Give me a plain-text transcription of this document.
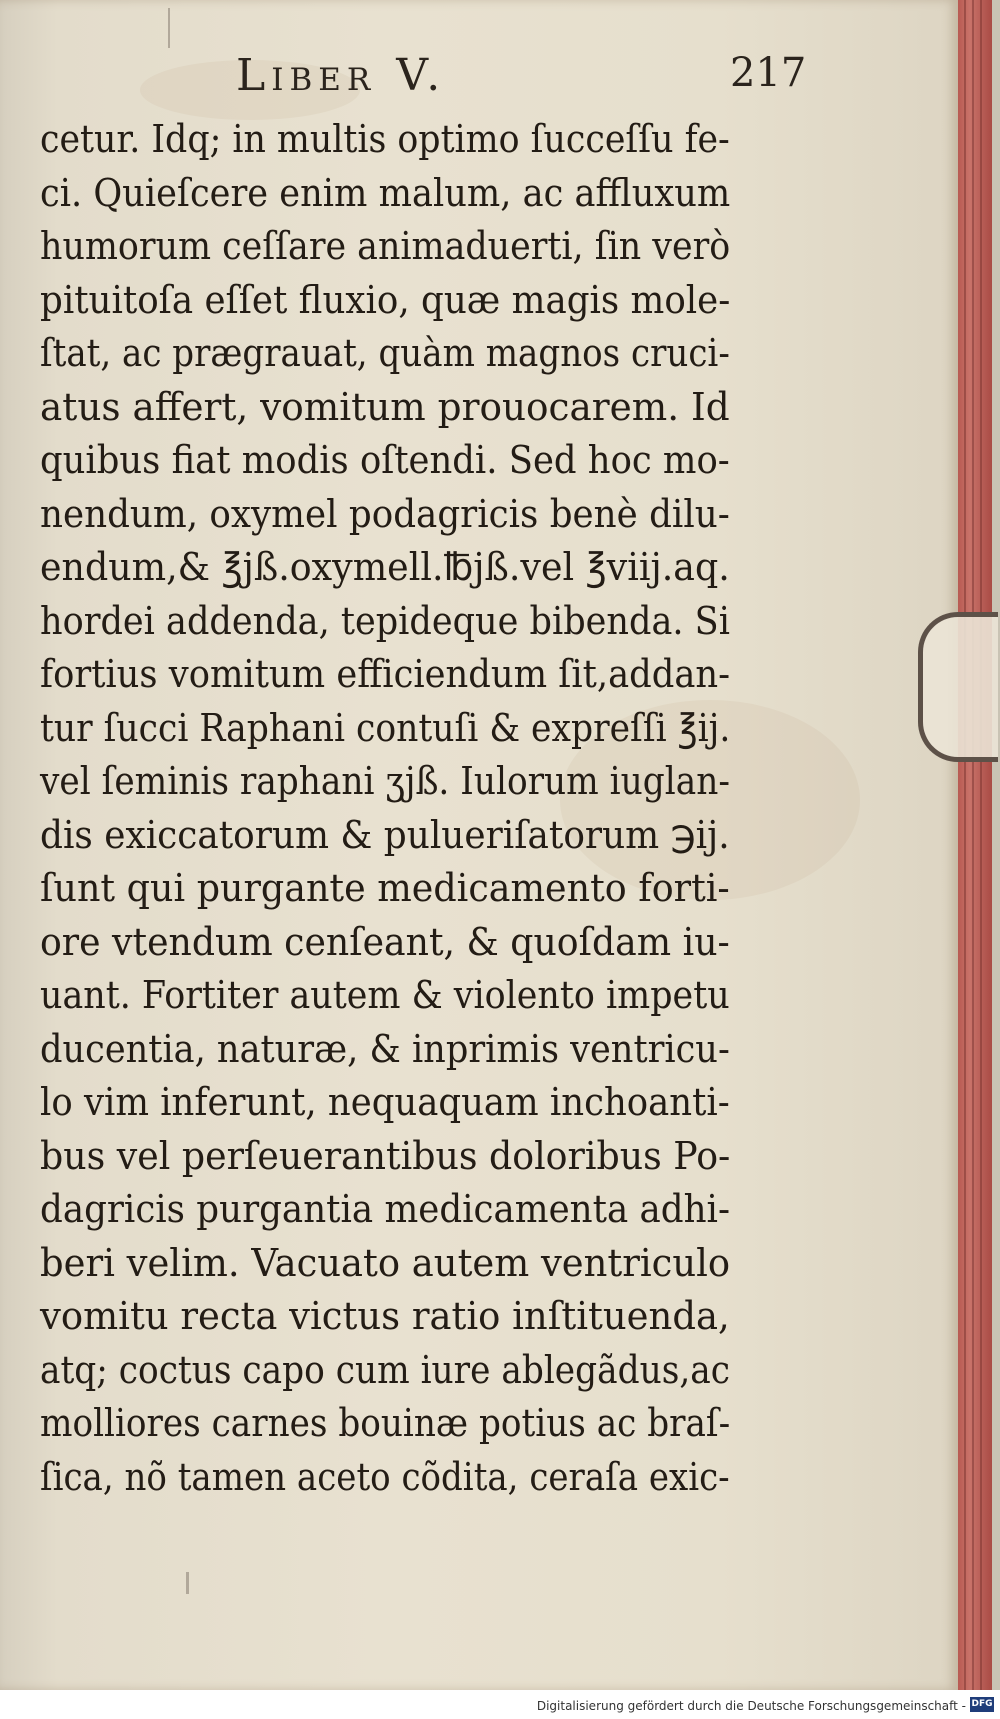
Liber V.	217
cetur. Idq; in multis optimo ſucceſſu fe-
ci. Quieſcere enim malum, ac affluxum
humorum ceſſare animaduerti, ſin verò
pituitoſa eſſet fluxio, quæ magis mole-
ſtat, ac prægrauat, quàm magnos cruci-
atus affert, vomitum prouocarem. Id
quibus fiat modis oſtendi. Sed hoc mo-
nendum, oxymel podagricis benè dilu-
endum,& ℥jß.oxymell.℔jß.vel ℥viij.aq.
hordei addenda, tepideque bibenda. Si
fortius vomitum efficiendum ſit,addan-
tur ſucci Raphani contuſi & expreſſi ℥ij.
vel ſeminis raphani ʒjß. Iulorum iuglan-
dis exiccatorum & pulueriſatorum ℈ij.
ſunt qui purgante medicamento forti-
ore vtendum cenſeant, & quoſdam iu-
uant. Fortiter autem & violento impetu
ducentia, naturæ, & inprimis ventricu-
lo vim inferunt, nequaquam inchoanti-
bus vel perſeuerantibus doloribus Po-
dagricis purgantia medicamenta adhi-
beri velim. Vacuato autem ventriculo
vomitu recta victus ratio inſtituenda,
atq; coctus capo cum iure ablegãdus,ac
molliores carnes bouinæ potius ac braſ-
ſica, nõ tamen aceto cõdita, ceraſa exic-
Digitalisierung gefördert durch die Deutsche Forschungsgemeinschaft - DFG
